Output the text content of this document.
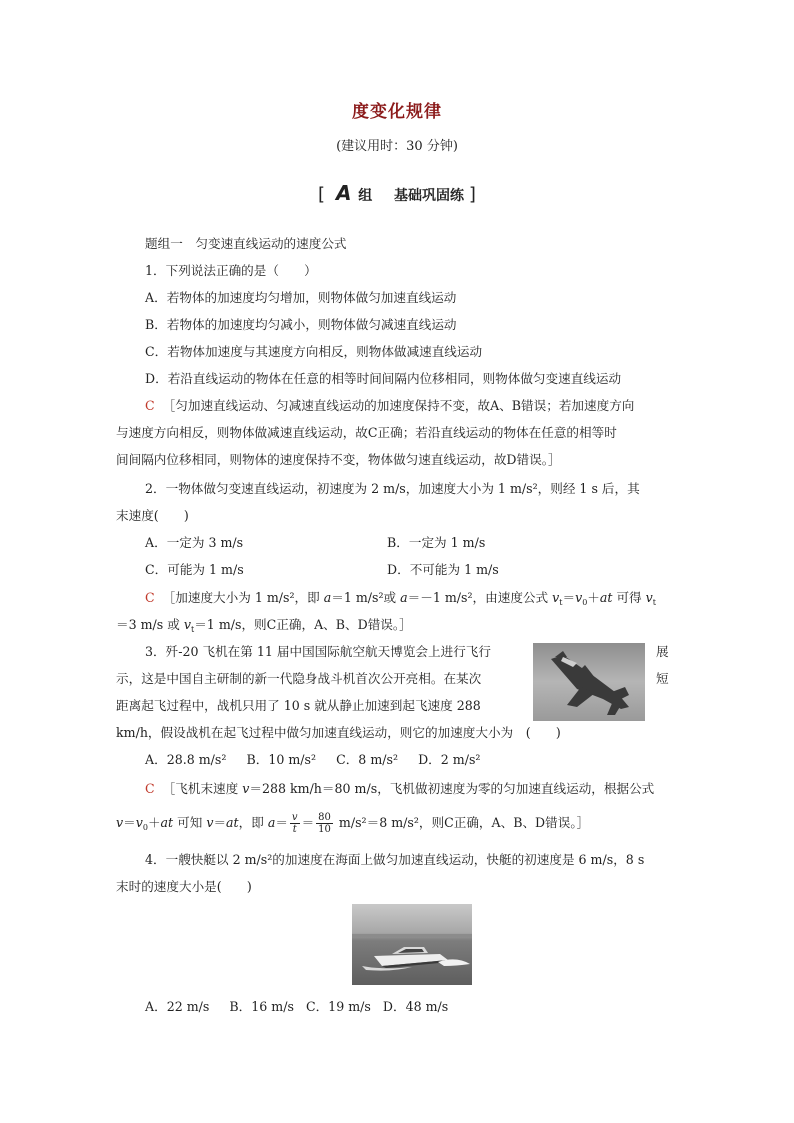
度变化规律
(建议用时：30 分钟)
[ A 组 基础巩固练 ]
题组一　匀变速直线运动的速度公式
1．下列说法正确的是（　　）
A．若物体的加速度均匀增加，则物体做匀加速直线运动
B．若物体的加速度均匀减小，则物体做匀减速直线运动
C．若物体加速度与其速度方向相反，则物体做减速直线运动
D．若沿直线运动的物体在任意的相等时间间隔内位移相同，则物体做匀变速直线运动
C ［匀加速直线运动、匀减速直线运动的加速度保持不变，故A、B错误；若加速度方向
与速度方向相反，则物体做减速直线运动，故C正确；若沿直线运动的物体在任意的相等时
间间隔内位移相同，则物体的速度保持不变，物体做匀速直线运动，故D错误。］
2．一物体做匀变速直线运动，初速度为 2 m/s，加速度大小为 1 m/s²，则经 1 s 后，其
末速度(　　)
A．一定为 3 m/s	B．一定为 1 m/s
C．可能为 1 m/s	D．不可能为 1 m/s
C ［加速度大小为 1 m/s²，即 a＝1 m/s²或 a＝－1 m/s²，由速度公式 $v_t=v_0+at$ 可得 $v_t$
＝3 m/s 或 $v_t=1$ m/s，则C正确，A、B、D错误。］
3．歼-20 飞机在第 11 届中国国际航空航天博览会上进行飞行	展
示，这是中国自主研制的新一代隐身战斗机首次公开亮相。在某次	短
距离起飞过程中，战机只用了 10 s 就从静止加速到起飞速度 288
km/h，假设战机在起飞过程中做匀加速直线运动，则它的加速度大小为　(　　)
A．28.8 m/s² B．10 m/s² C．8 m/s² D．2 m/s²
C ［飞机末速度 v＝288 km/h＝80 m/s，飞机做初速度为零的匀加速直线运动，根据公式
$v=v_0+at$ 可知 v＝at，即 $a= \frac{v}{t} = \frac{80}{10} m/s^2=8$ m/s²，则C正确，A、B、D错误。］
4．一艘快艇以 2 m/s²的加速度在海面上做匀加速直线运动，快艇的初速度是 6 m/s，8 s
末时的速度大小是(　　)
A．22 m/s B．16 m/s C．19 m/s D．48 m/s
